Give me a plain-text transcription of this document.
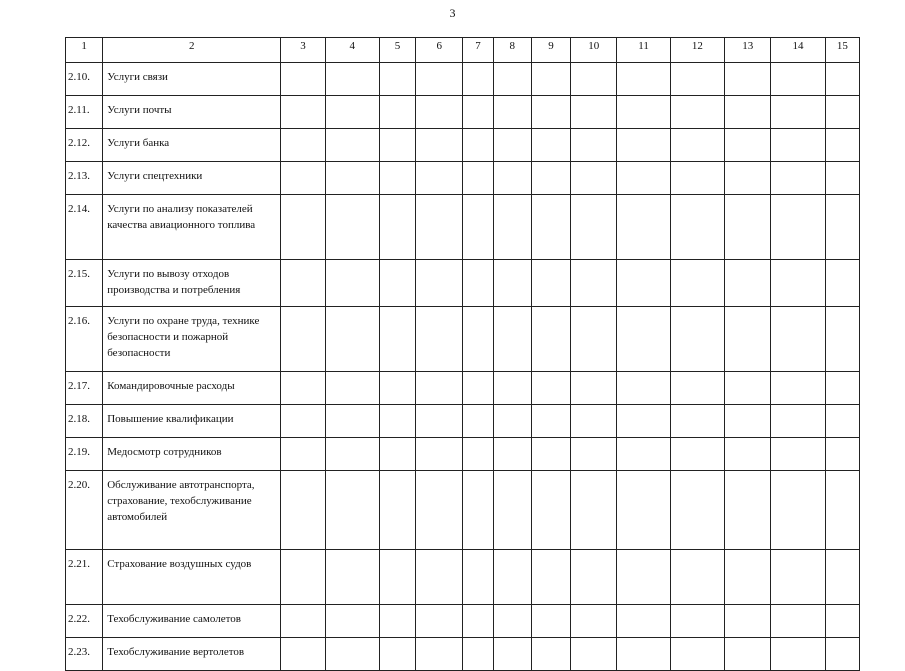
3
1	2	3	4	5	6	7	8	9	10	11	12	13	14	15
2.10.	Услуги связи													
2.11.	Услуги почты													
2.12.	Услуги банка													
2.13.	Услуги спецтехники													
2.14.	Услуги по анализу показателей качества авиационного топлива													
2.15.	Услуги по вывозу отходов производства и потребления													
2.16.	Услуги по охране труда, технике безопасности и пожарной безопасности													
2.17.	Командировочные расходы													
2.18.	Повышение квалификации													
2.19.	Медосмотр сотрудников													
2.20.	Обслуживание автотранспорта, страхование, техобслуживание автомобилей													
2.21.	Страхование воздушных судов													
2.22.	Техобслуживание самолетов													
2.23.	Техобслуживание вертолетов													
